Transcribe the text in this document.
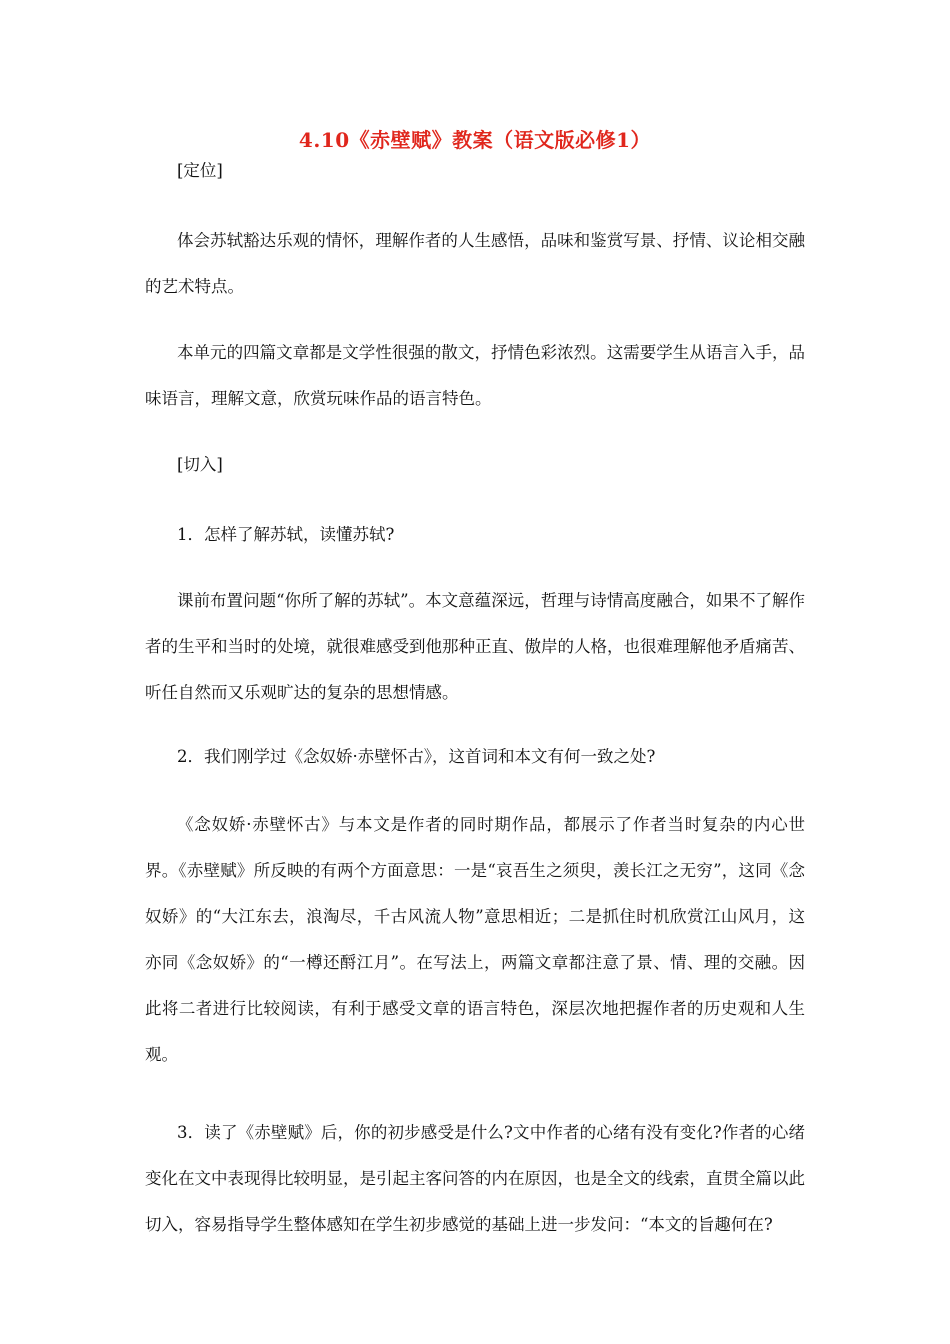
4.10《赤壁赋》教案（语文版必修1）

[定位]

体会苏轼豁达乐观的情怀，理解作者的人生感悟，品味和鉴赏写景、抒情、议论相交融的艺术特点。

本单元的四篇文章都是文学性很强的散文，抒情色彩浓烈。这需要学生从语言入手，品味语言，理解文意，欣赏玩味作品的语言特色。

[切入]

1．怎样了解苏轼，读懂苏轼?

课前布置问题“你所了解的苏轼”。本文意蕴深远，哲理与诗情高度融合，如果不了解作者的生平和当时的处境，就很难感受到他那种正直、傲岸的人格，也很难理解他矛盾痛苦、听任自然而又乐观旷达的复杂的思想情感。

2．我们刚学过《念奴娇·赤壁怀古》，这首词和本文有何一致之处?

《念奴娇·赤壁怀古》与本文是作者的同时期作品，都展示了作者当时复杂的内心世界。《赤壁赋》所反映的有两个方面意思：一是“哀吾生之须臾，羡长江之无穷”，这同《念奴娇》的“大江东去，浪淘尽，千古风流人物”意思相近；二是抓住时机欣赏江山风月，这亦同《念奴娇》的“一樽还酹江月”。在写法上，两篇文章都注意了景、情、理的交融。因此将二者进行比较阅读，有利于感受文章的语言特色，深层次地把握作者的历史观和人生观。

3．读了《赤壁赋》后，你的初步感受是什么?文中作者的心绪有没有变化?作者的心绪变化在文中表现得比较明显，是引起主客问答的内在原因，也是全文的线索，直贯全篇以此切入，容易指导学生整体感知在学生初步感觉的基础上进一步发问：“本文的旨趣何在?
